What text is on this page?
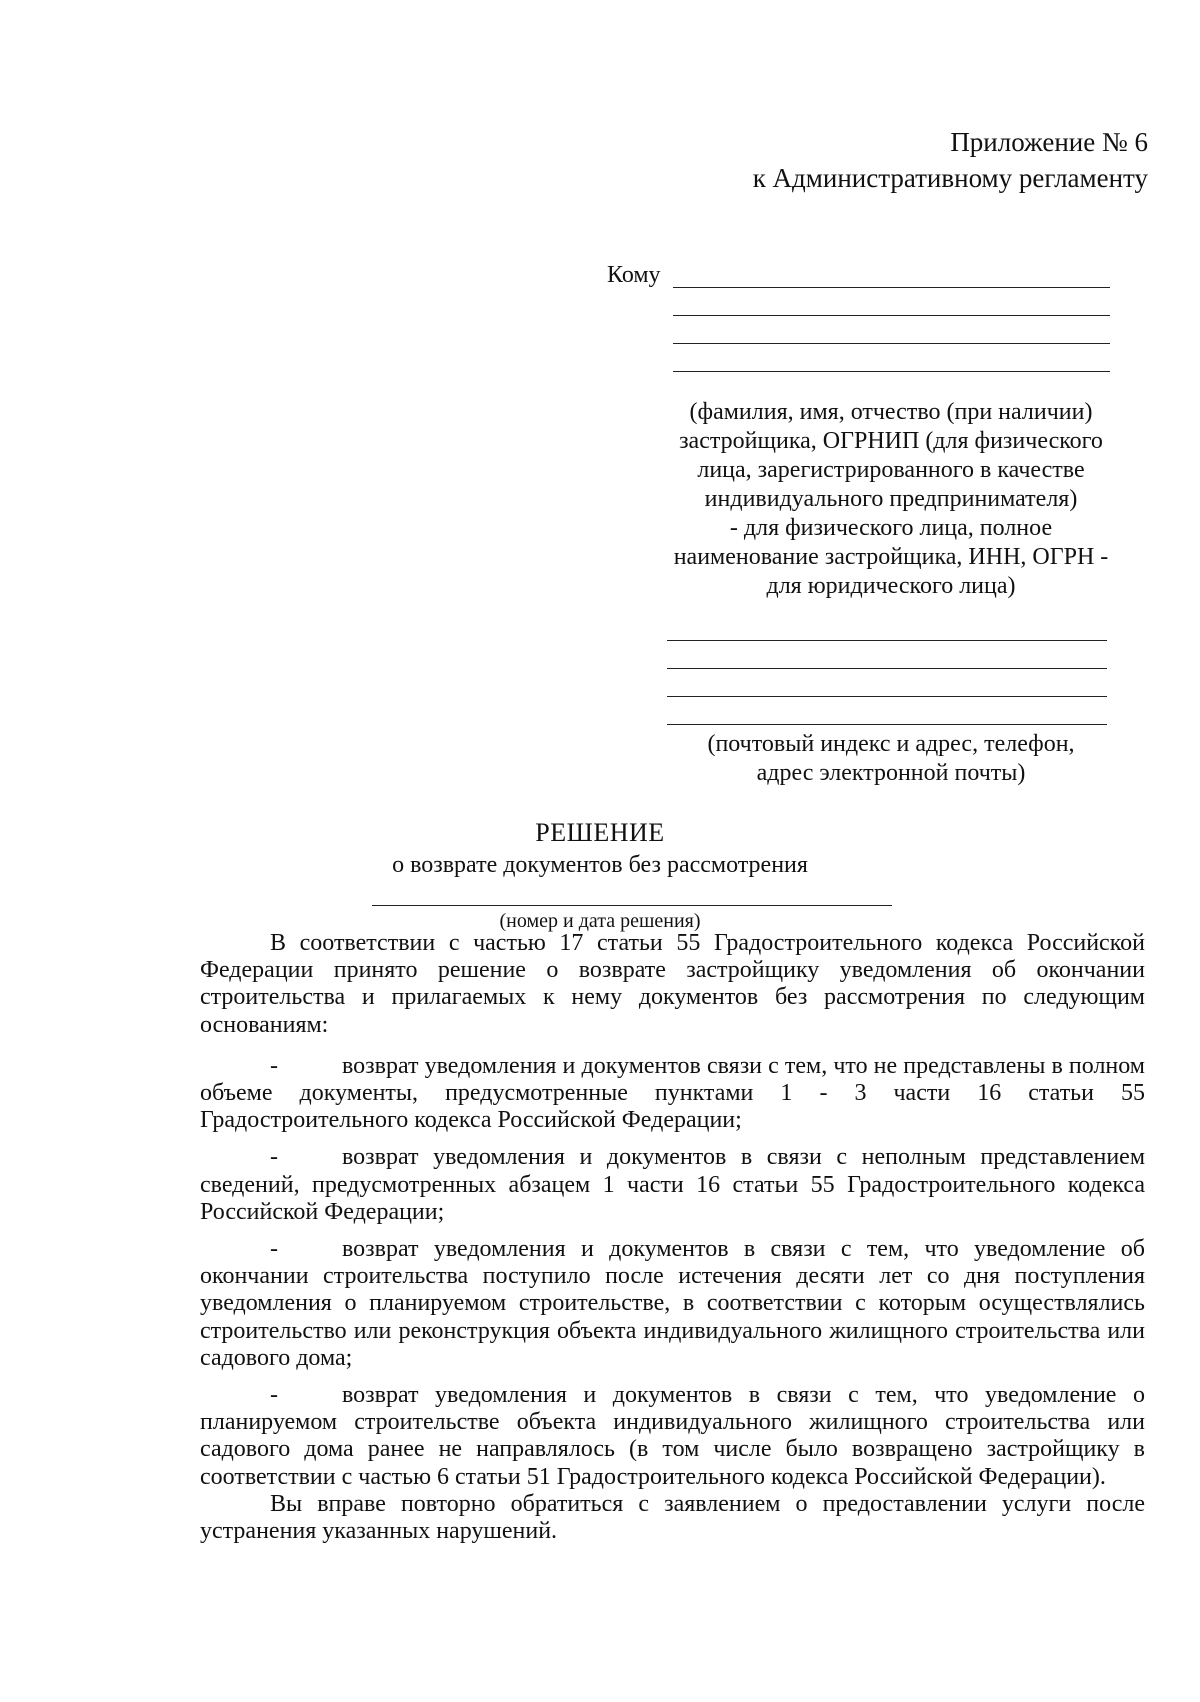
Приложение № 6
к Административному регламенту
Кому
(фамилия, имя, отчество (при наличии)
застройщика, ОГРНИП (для физического
лица, зарегистрированного в качестве
индивидуального предпринимателя)
- для физического лица, полное
наименование застройщика, ИНН, ОГРН -
для юридического лица)
(почтовый индекс и адрес, телефон,
адрес электронной почты)
РЕШЕНИЕ
о возврате документов без рассмотрения
(номер и дата решения)

В соответствии с частью 17 статьи 55 Градостроительного кодекса Российской Федерации принято решение о возврате застройщику уведомления об окончании строительства и прилагаемых к нему документов без рассмотрения по следующим основаниям:

-	возврат уведомления и документов связи с тем, что не представлены в полном объеме документы, предусмотренные пунктами 1 - 3 части 16 статьи 55 Градостроительного кодекса Российской Федерации;

-	возврат уведомления и документов в связи с неполным представлением сведений, предусмотренных абзацем 1 части 16 статьи 55 Градостроительного кодекса Российской Федерации;

-	возврат уведомления и документов в связи с тем, что уведомление об окончании строительства поступило после истечения десяти лет со дня поступления уведомления о планируемом строительстве, в соответствии с которым осуществлялись строительство или реконструкция объекта индивидуального жилищного строительства или садового дома;

-	возврат уведомления и документов в связи с тем, что уведомление о планируемом строительстве объекта индивидуального жилищного строительства или садового дома ранее не направлялось (в том числе было возвращено застройщику в соответствии с частью 6 статьи 51 Градостроительного кодекса Российской Федерации).

Вы вправе повторно обратиться с заявлением о предоставлении услуги после устранения указанных нарушений.
